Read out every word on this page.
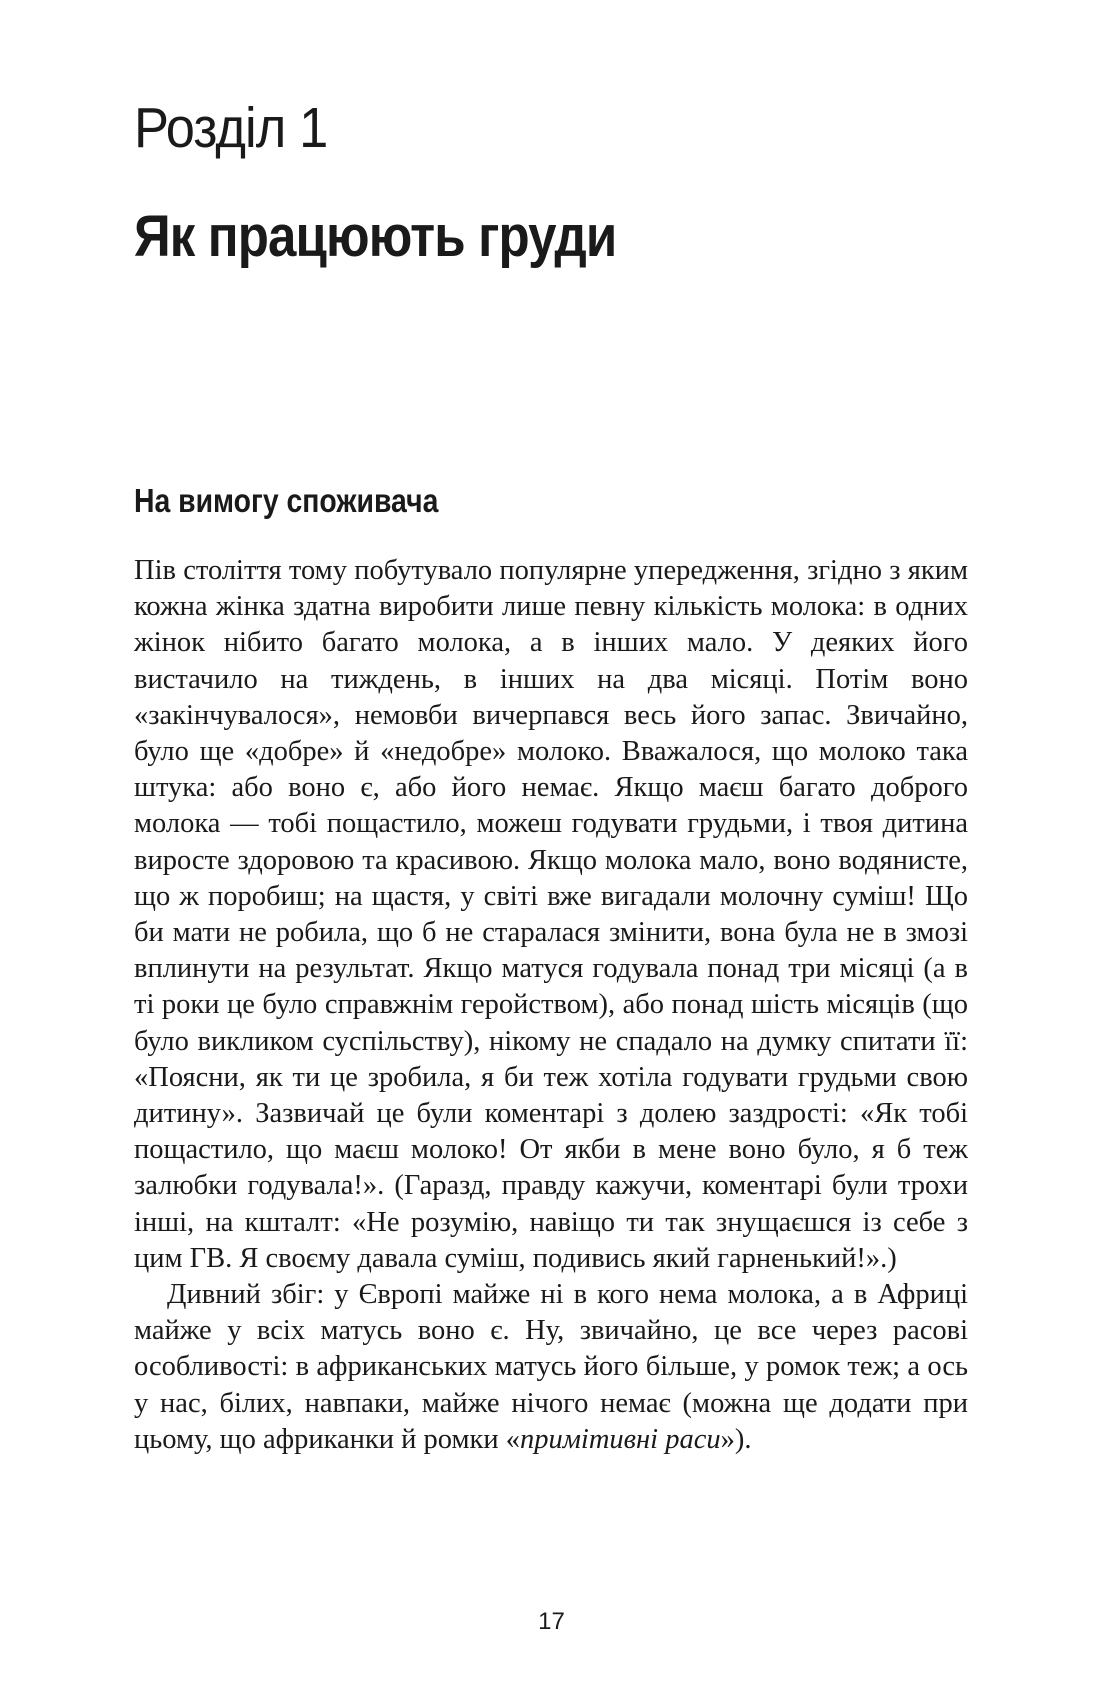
Розділ 1
Як працюють груди
На вимогу споживача

Пів століття тому побутувало популярне упередження, згідно з яким кожна жінка здатна виробити лише певну кількість молока: в одних жінок нібито багато молока, а в інших мало. У деяких його вистачило на тиждень, в інших на два місяці. Потім воно «закінчувалося», немовби вичерпався весь його запас. Звичайно, було ще «добре» й «недобре» молоко. Вважалося, що молоко така штука: або воно є, або його немає. Якщо маєш багато доброго молока — тобі пощастило, можеш годувати грудьми, і твоя дитина виросте здоровою та красивою. Якщо молока мало, воно водянисте, що ж поробиш; на щастя, у світі вже вигадали молочну суміш! Що би мати не робила, що б не старалася змінити, вона була не в змозі вплинути на результат. Якщо матуся годувала понад три місяці (а в ті роки це було справжнім геройством), або понад шість місяців (що було викликом суспільству), нікому не спадало на думку спитати її: «Поясни, як ти це зробила, я би теж хотіла годувати грудьми свою дитину». Зазвичай це були коментарі з долею заздрості: «Як тобі пощастило, що маєш молоко! От якби в мене воно було, я б теж залюбки годувала!». (Гаразд, правду кажучи, коментарі були трохи інші, на кшталт: «Не розумію, навіщо ти так знущаєшся із себе з цим ГВ. Я своєму давала суміш, подивись який гарненький!».)

Дивний збіг: у Європі майже ні в кого нема молока, а в Африці майже у всіх матусь воно є. Ну, звичайно, це все через расові особливості: в африканських матусь його більше, у ромок теж; а ось у нас, білих, навпаки, майже нічого немає (можна ще додати при цьому, що африканки й ромки «примітивні раси»).

17
